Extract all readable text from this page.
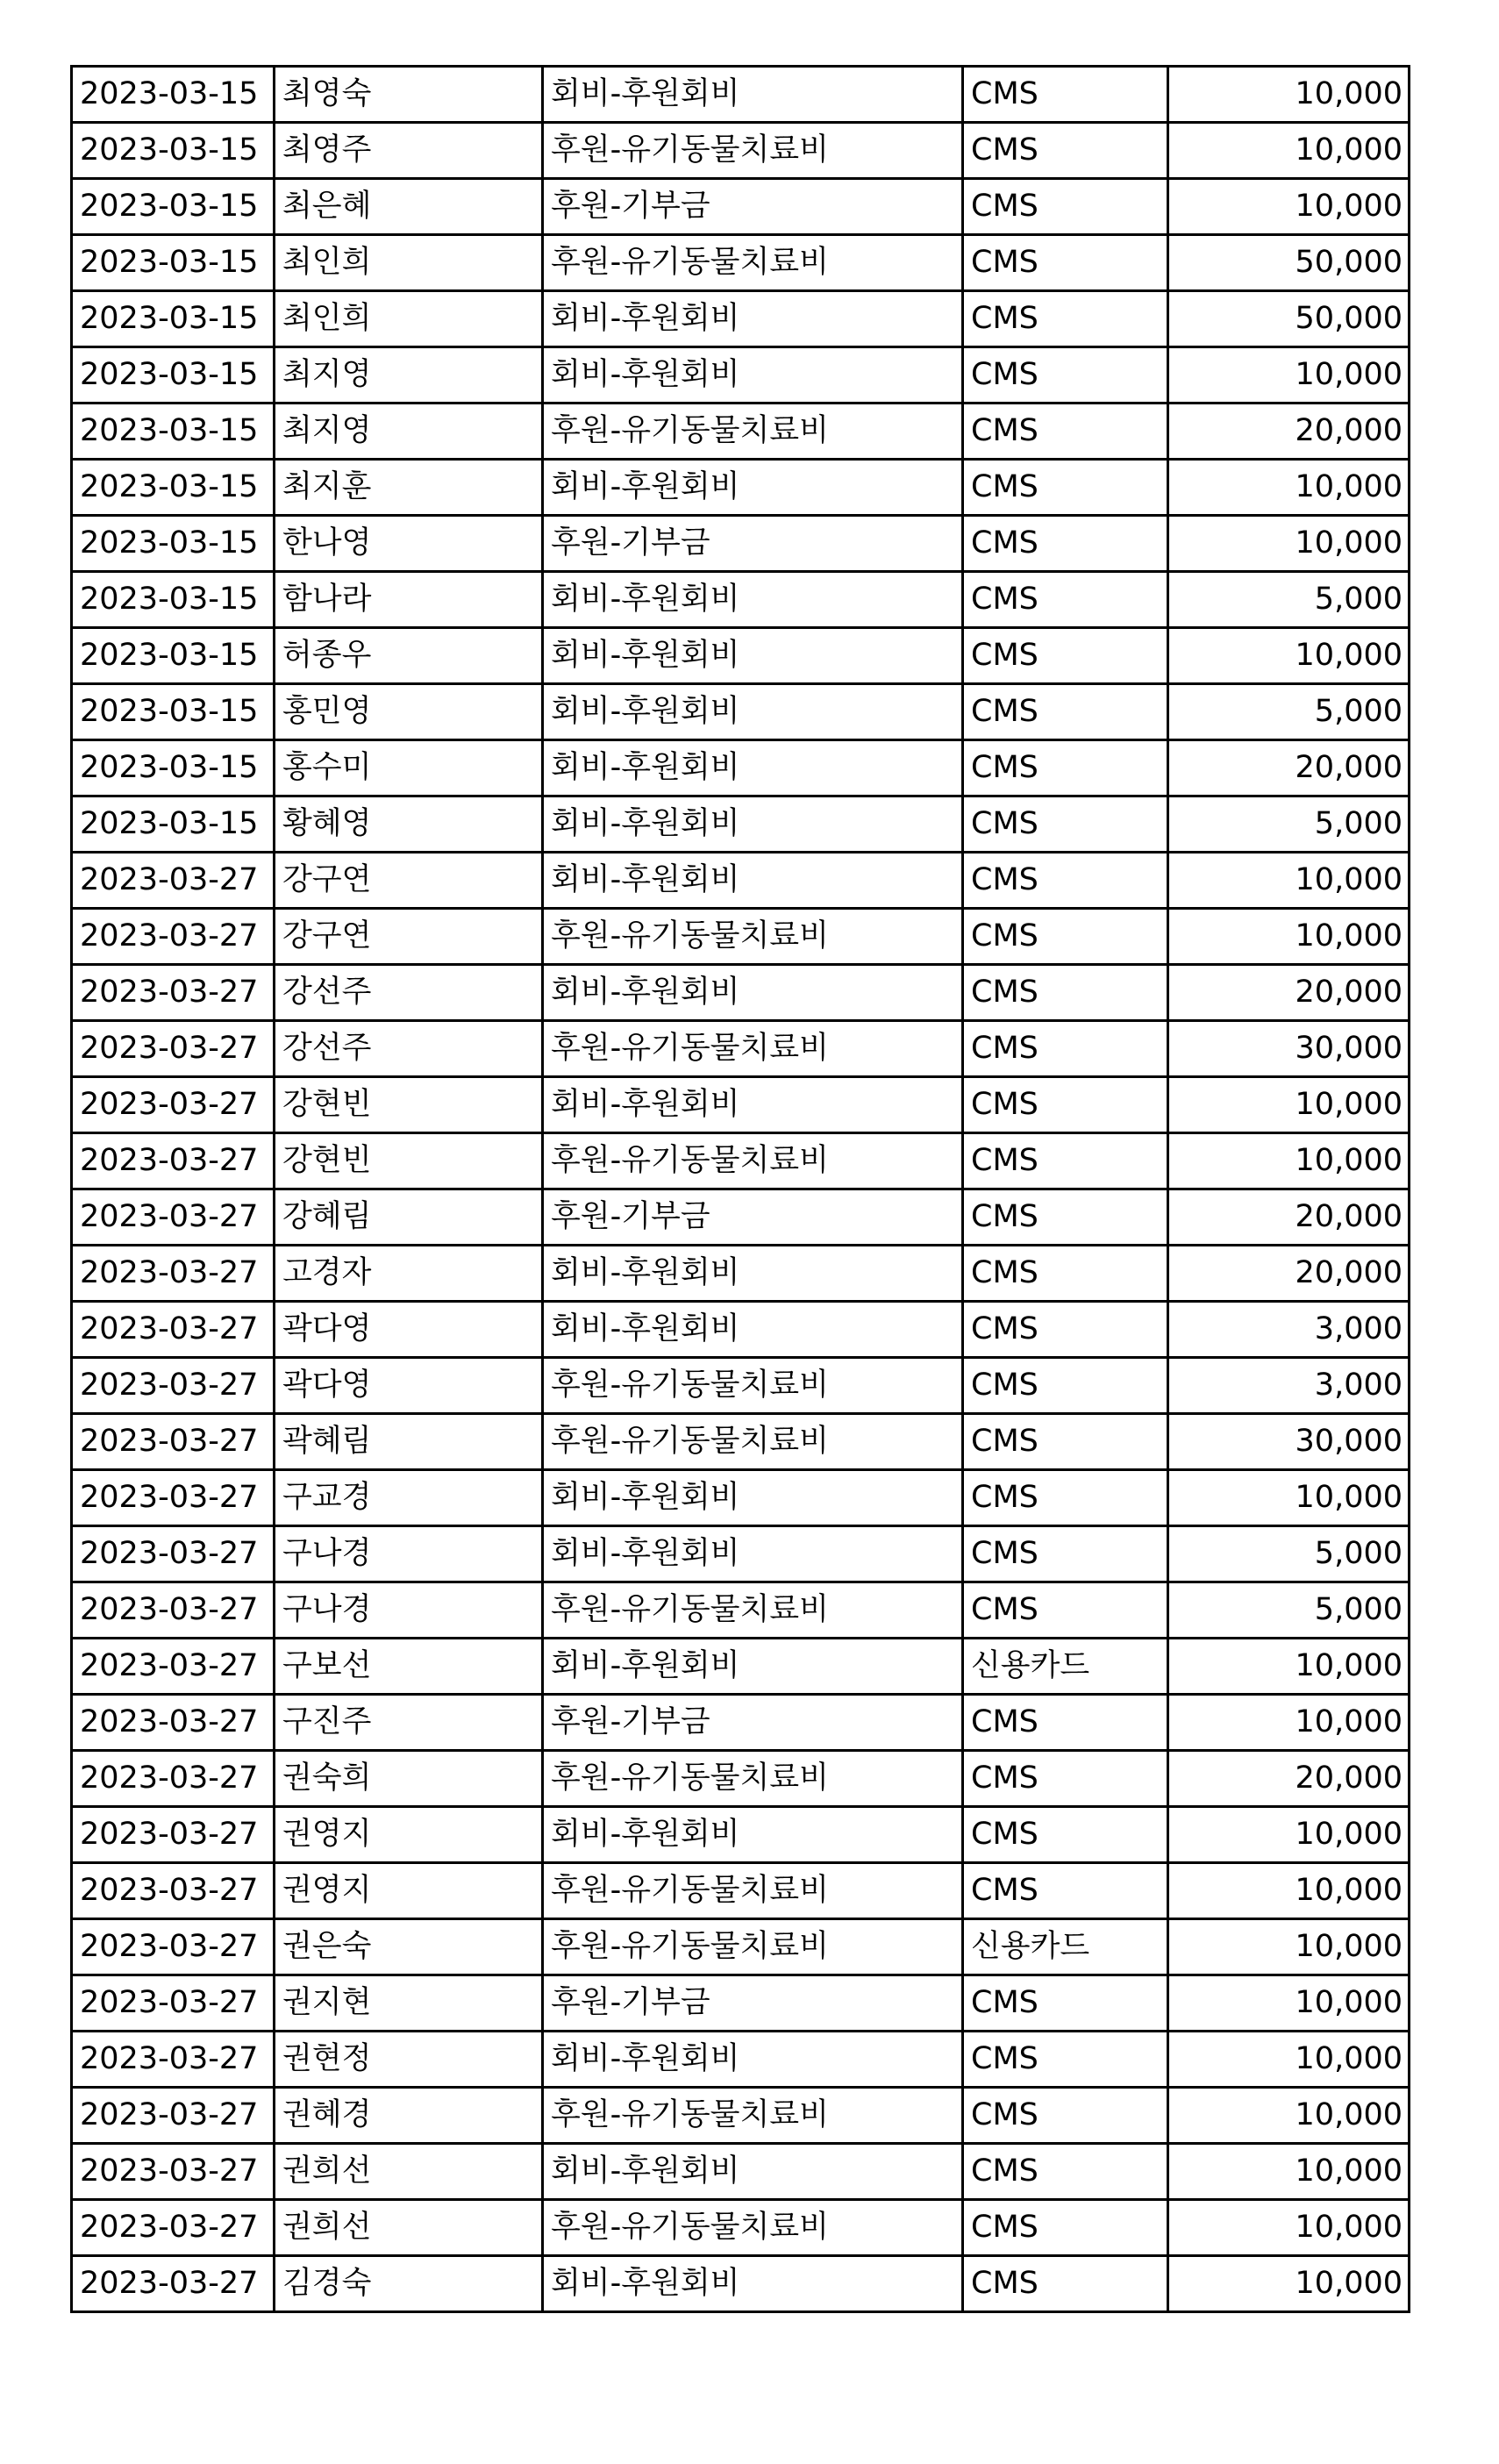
2023-03-15	최영숙	회비-후원회비	CMS	10,000
2023-03-15	최영주	후원-유기동물치료비	CMS	10,000
2023-03-15	최은혜	후원-기부금	CMS	10,000
2023-03-15	최인희	후원-유기동물치료비	CMS	50,000
2023-03-15	최인희	회비-후원회비	CMS	50,000
2023-03-15	최지영	회비-후원회비	CMS	10,000
2023-03-15	최지영	후원-유기동물치료비	CMS	20,000
2023-03-15	최지훈	회비-후원회비	CMS	10,000
2023-03-15	한나영	후원-기부금	CMS	10,000
2023-03-15	함나라	회비-후원회비	CMS	5,000
2023-03-15	허종우	회비-후원회비	CMS	10,000
2023-03-15	홍민영	회비-후원회비	CMS	5,000
2023-03-15	홍수미	회비-후원회비	CMS	20,000
2023-03-15	황혜영	회비-후원회비	CMS	5,000
2023-03-27	강구연	회비-후원회비	CMS	10,000
2023-03-27	강구연	후원-유기동물치료비	CMS	10,000
2023-03-27	강선주	회비-후원회비	CMS	20,000
2023-03-27	강선주	후원-유기동물치료비	CMS	30,000
2023-03-27	강현빈	회비-후원회비	CMS	10,000
2023-03-27	강현빈	후원-유기동물치료비	CMS	10,000
2023-03-27	강혜림	후원-기부금	CMS	20,000
2023-03-27	고경자	회비-후원회비	CMS	20,000
2023-03-27	곽다영	회비-후원회비	CMS	3,000
2023-03-27	곽다영	후원-유기동물치료비	CMS	3,000
2023-03-27	곽혜림	후원-유기동물치료비	CMS	30,000
2023-03-27	구교경	회비-후원회비	CMS	10,000
2023-03-27	구나경	회비-후원회비	CMS	5,000
2023-03-27	구나경	후원-유기동물치료비	CMS	5,000
2023-03-27	구보선	회비-후원회비	신용카드	10,000
2023-03-27	구진주	후원-기부금	CMS	10,000
2023-03-27	권숙희	후원-유기동물치료비	CMS	20,000
2023-03-27	권영지	회비-후원회비	CMS	10,000
2023-03-27	권영지	후원-유기동물치료비	CMS	10,000
2023-03-27	권은숙	후원-유기동물치료비	신용카드	10,000
2023-03-27	권지현	후원-기부금	CMS	10,000
2023-03-27	권현정	회비-후원회비	CMS	10,000
2023-03-27	권혜경	후원-유기동물치료비	CMS	10,000
2023-03-27	권희선	회비-후원회비	CMS	10,000
2023-03-27	권희선	후원-유기동물치료비	CMS	10,000
2023-03-27	김경숙	회비-후원회비	CMS	10,000
